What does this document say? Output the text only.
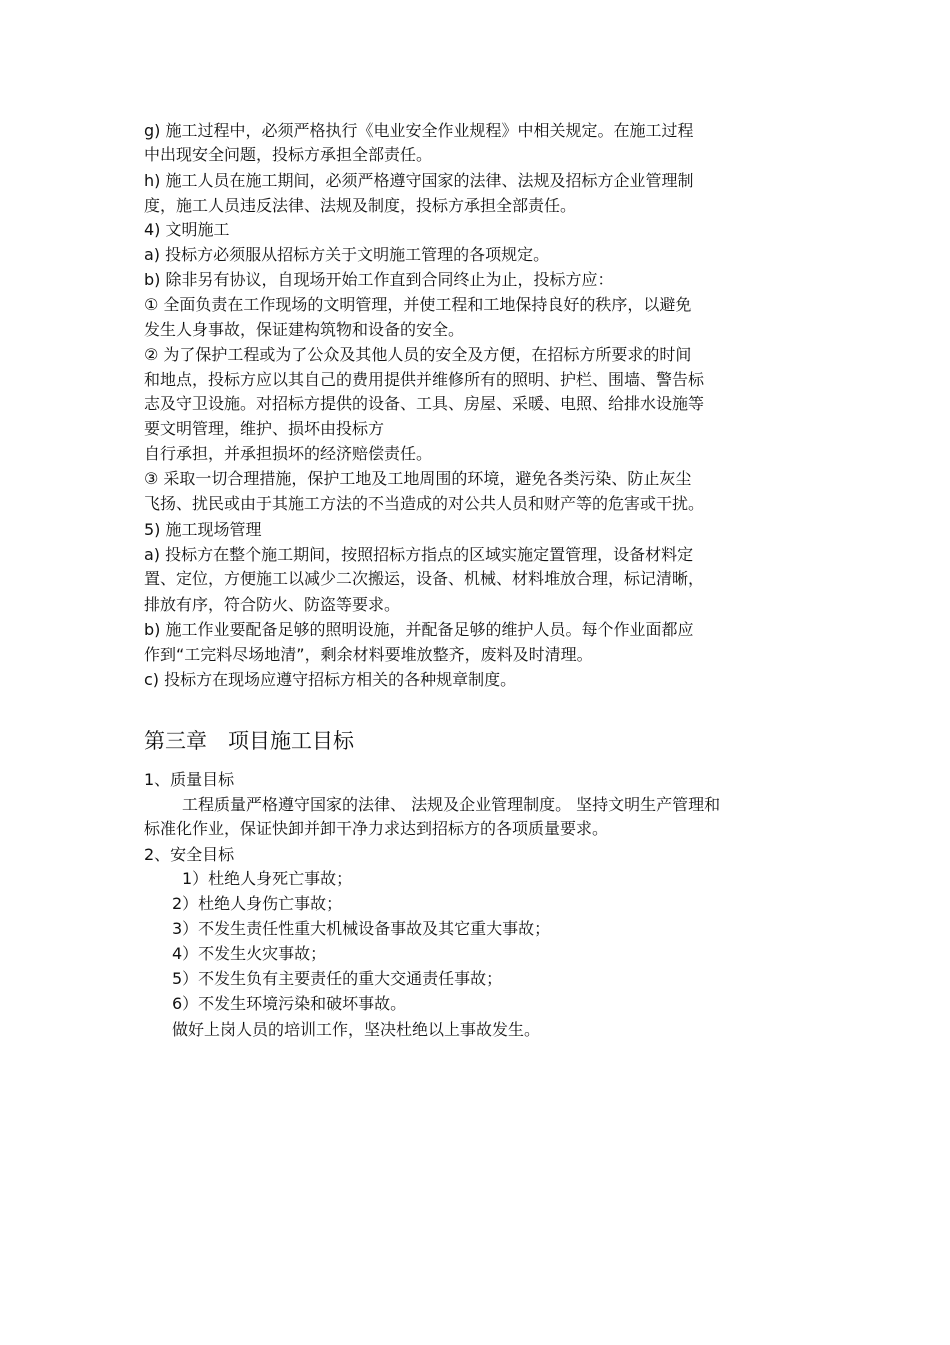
g) 施工过程中，必须严格执行《电业安全作业规程》中相关规定。在施工过程
中出现安全问题，投标方承担全部责任。
h) 施工人员在施工期间，必须严格遵守国家的法律、法规及招标方企业管理制
度，施工人员违反法律、法规及制度，投标方承担全部责任。
4) 文明施工
a) 投标方必须服从招标方关于文明施工管理的各项规定。
b) 除非另有协议，自现场开始工作直到合同终止为止，投标方应：
① 全面负责在工作现场的文明管理，并使工程和工地保持良好的秩序，以避免
发生人身事故，保证建构筑物和设备的安全。
② 为了保护工程或为了公众及其他人员的安全及方便，在招标方所要求的时间
和地点，投标方应以其自己的费用提供并维修所有的照明、护栏、围墙、警告标
志及守卫设施。对招标方提供的设备、工具、房屋、采暖、电照、给排水设施等
要文明管理，维护、损坏由投标方
自行承担，并承担损坏的经济赔偿责任。
③ 采取一切合理措施，保护工地及工地周围的环境，避免各类污染、防止灰尘
飞扬、扰民或由于其施工方法的不当造成的对公共人员和财产等的危害或干扰。
5) 施工现场管理
a) 投标方在整个施工期间，按照招标方指点的区域实施定置管理，设备材料定
置、定位，方便施工以减少二次搬运，设备、机械、材料堆放合理，标记清晰，
排放有序，符合防火、防盗等要求。
b) 施工作业要配备足够的照明设施，并配备足够的维护人员。每个作业面都应
作到“工完料尽场地清”，剩余材料要堆放整齐，废料及时清理。
c) 投标方在现场应遵守招标方相关的各种规章制度。
第三章　项目施工目标
1、质量目标
工程质量严格遵守国家的法律、 法规及企业管理制度。 坚持文明生产管理和
标准化作业，保证快卸并卸干净力求达到招标方的各项质量要求。
2、安全目标
1）杜绝人身死亡事故；
2）杜绝人身伤亡事故；
3）不发生责任性重大机械设备事故及其它重大事故；
4）不发生火灾事故；
5）不发生负有主要责任的重大交通责任事故；
6）不发生环境污染和破坏事故。
做好上岗人员的培训工作，坚决杜绝以上事故发生。
